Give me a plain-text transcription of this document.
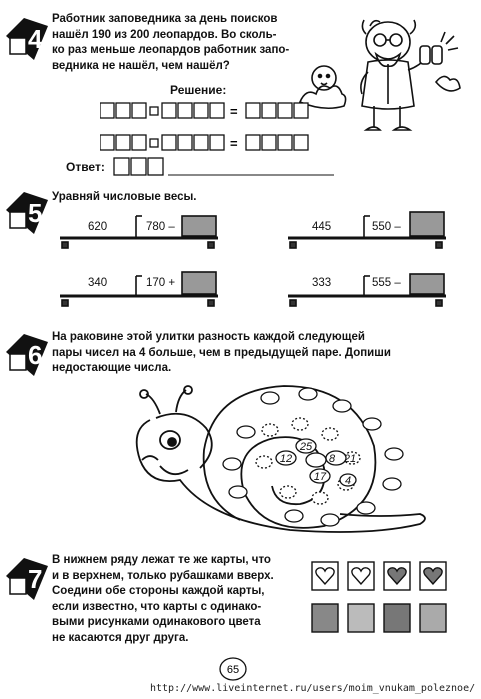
4
Работник заповедника за день поисков
нашёл 190 из 200 леопардов. Во сколь-
ко раз меньше леопардов работник запо-
ведника не нашёл, чем нашёл?
Решение:
=
=
Ответ:
5
Уравняй числовые весы.
620	780 –	445	550 –
340	170 +	333	555 –
6
На раковине этой улитки разность каждой следующей
пары чисел на 4 больше, чем в предыдущей паре. Допиши
недостающие числа.
25
12	8
17
21
4
7
В нижнем ряду лежат те же карты, что
и в верхнем, только рубашками вверх.
Соедини обе стороны каждой карты,
если известно, что карты с одинако-
выми рисунками одинакового цвета
не касаются друг друга.
65
http://www.liveinternet.ru/users/moim_vnukam_poleznoe/
